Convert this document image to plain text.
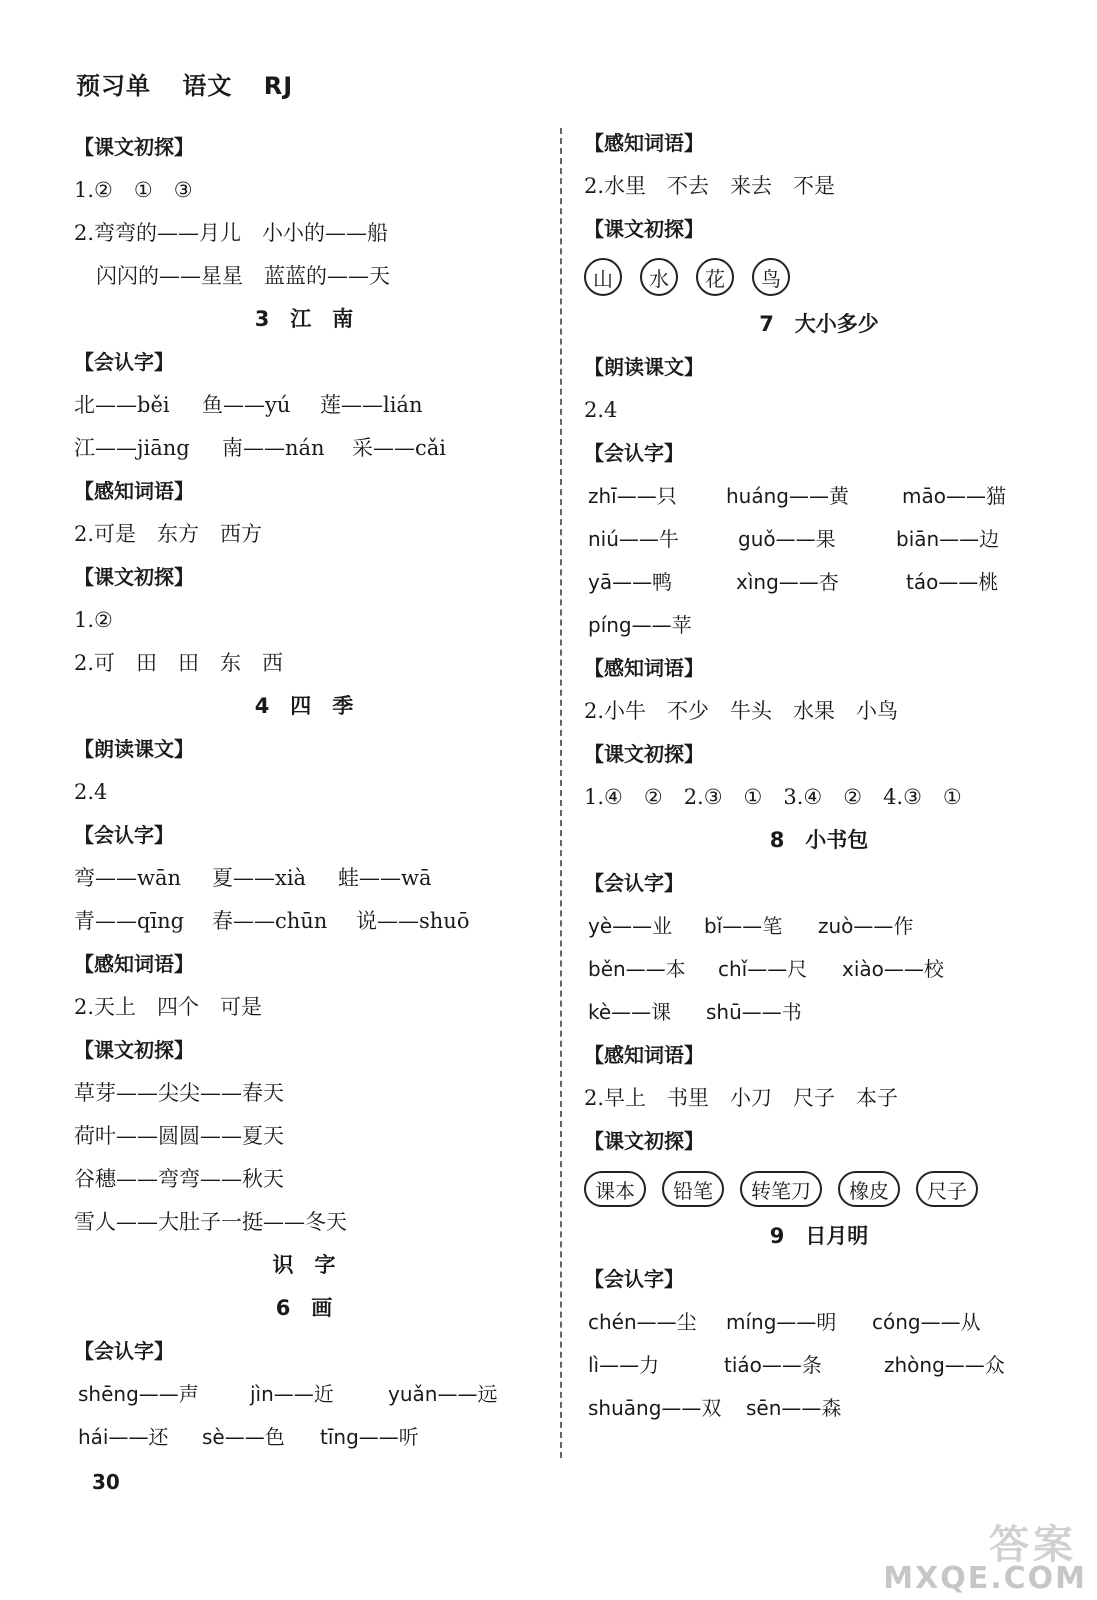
预习单 语文 RJ
【课文初探】
1.②　①　③
2.弯弯的——月儿　小小的——船
闪闪的——星星　蓝蓝的——天
3　江　南
【会认字】
北——běi 鱼——yú 莲——lián
江——jiāng 南——nán 采——cǎi
【感知词语】
2.可是　东方　西方
【课文初探】
1.②
2.可　田　田　东　西
4　四　季
【朗读课文】
2.4
【会认字】
弯——wān 夏——xià 蛙——wā
青——qīng 春——chūn 说——shuō
【感知词语】
2.天上　四个　可是
【课文初探】
草芽——尖尖——春天
荷叶——圆圆——夏天
谷穗——弯弯——秋天
雪人——大肚子一挺——冬天
识　字
6　画
【会认字】
shēng——声	jìn——近	yuǎn——远
hái——还 sè——色 tīng——听
【感知词语】
2.水里　不去　来去　不是
【课文初探】
山	水	花	鸟
7　大小多少
【朗读课文】
2.4
【会认字】
zhī——只 huáng——黄	māo——猫
niú——牛	guǒ——果	biān——边
yā——鸭	xìng——杏	táo——桃
píng——苹
【感知词语】
2.小牛　不少　牛头　水果　小鸟
【课文初探】
1.④　②　2.③　①　3.④　②　4.③　①
8　小书包
【会认字】
yè——业 bǐ——笔 zuò——作
běn——本 chǐ——尺 xiào——校
kè——课 shū——书
【感知词语】
2.早上　书里　小刀　尺子　本子
【课文初探】
课本	铅笔	转笔刀	橡皮	尺子
9　日月明
【会认字】
chén——尘 míng——明 cóng——从
lì——力	tiáo——条	zhòng——众
shuāng——双 sēn——森
30
答案
MXQE.COM
